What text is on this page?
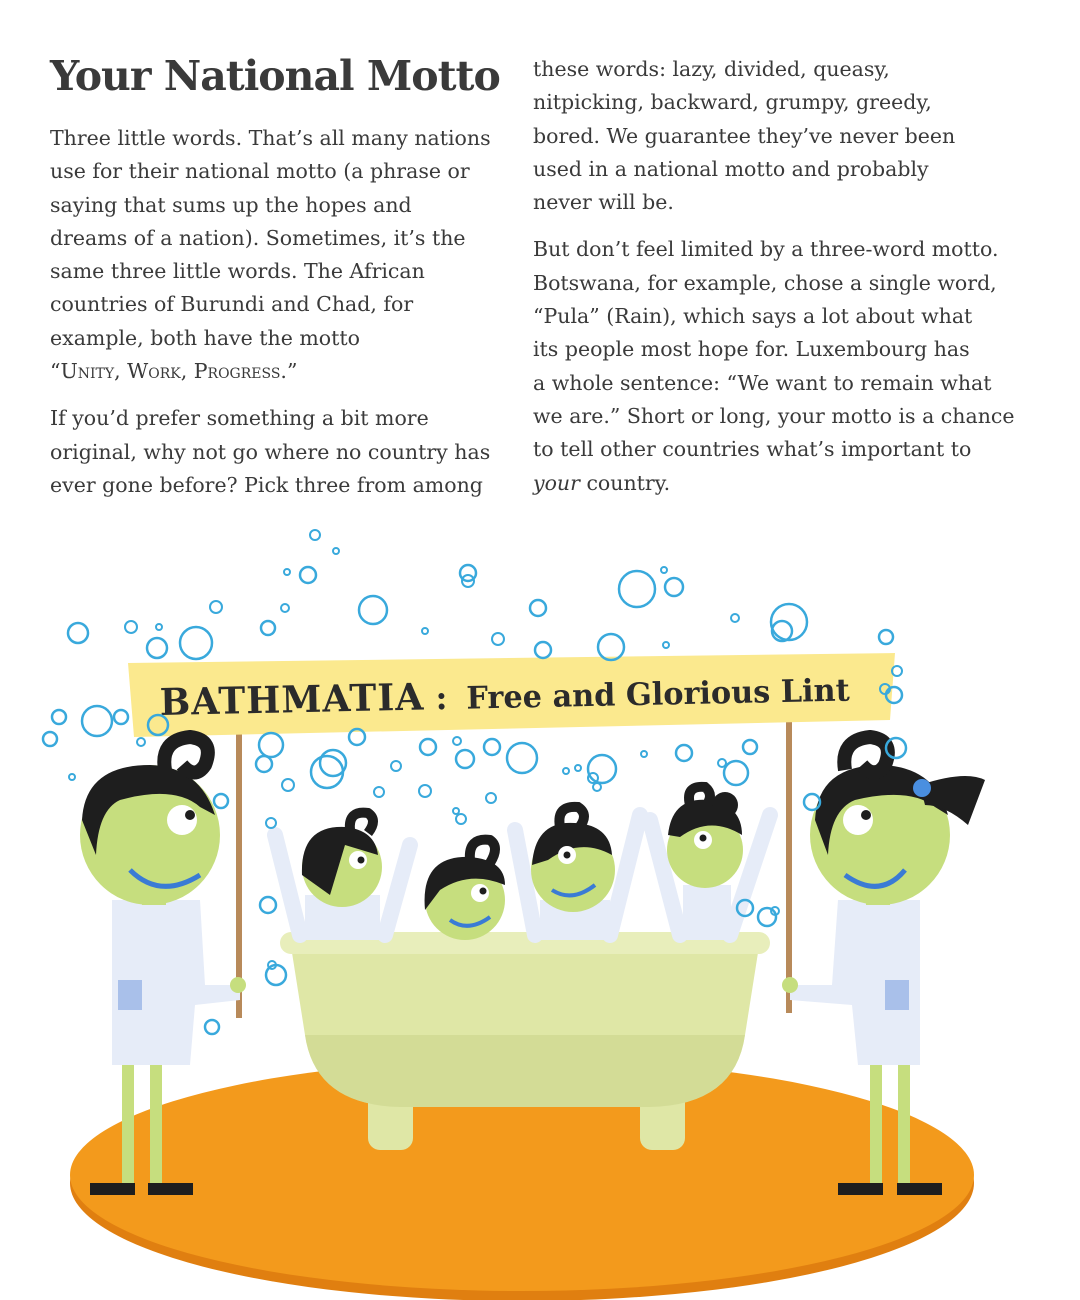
Your National Motto

Three little words. That’s all many nations
use for their national motto (a phrase or
saying that sums up the hopes and
dreams of a nation). Sometimes, it’s the
same three little words. The African
countries of Burundi and Chad, for
example, both have the motto
“Unity, Work, Progress.”

If you’d prefer something a bit more
original, why not go where no country has
ever gone before? Pick three from among

these words: lazy, divided, queasy,
nitpicking, backward, grumpy, greedy,
bored. We guarantee they’ve never been
used in a national motto and probably
never will be.

But don’t feel limited by a three-word motto.
Botswana, for example, chose a single word,
“Pula” (Rain), which says a lot about what
its people most hope for. Luxembourg has
a whole sentence: “We want to remain what
we are.” Short or long, your motto is a chance
to tell other countries what’s important to
your country.

BATHMATIA : Free and Glorious Lint
